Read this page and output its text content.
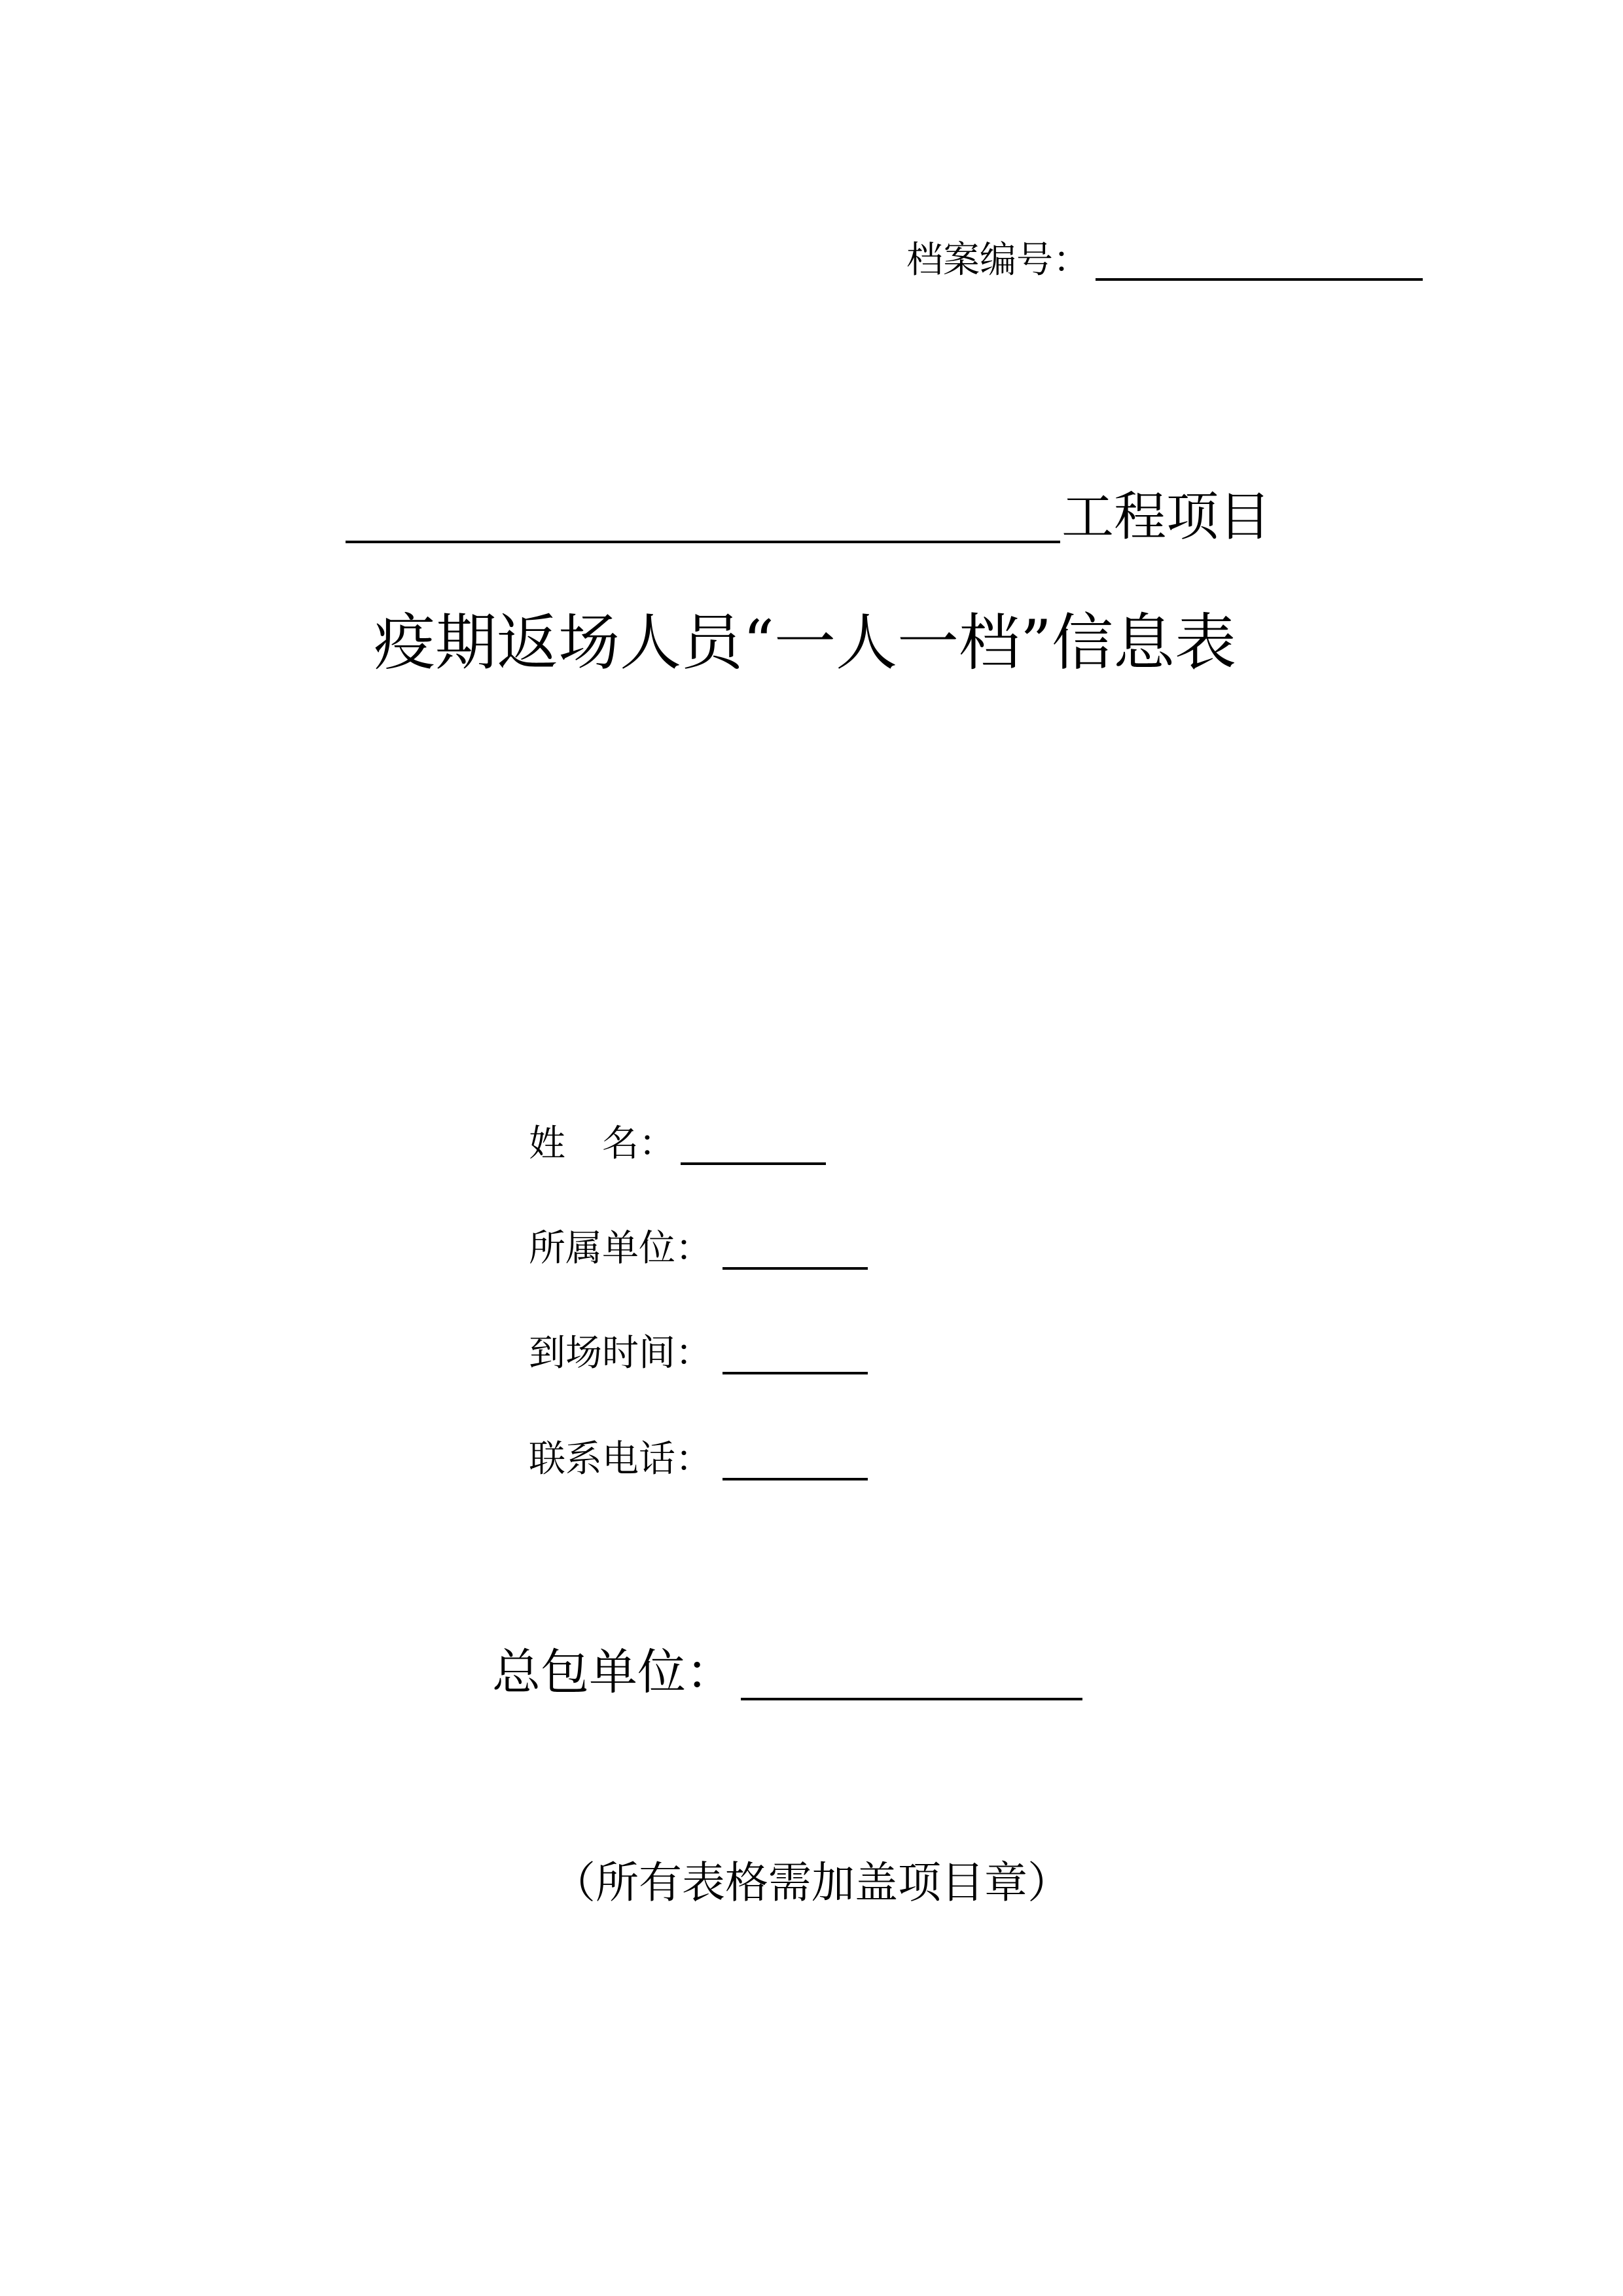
档案编号：
工程项目
疫期返场人员“一人一档”信息表
姓　名：
所属单位：
到场时间：
联系电话：
总包单位：
（所有表格需加盖项目章）
